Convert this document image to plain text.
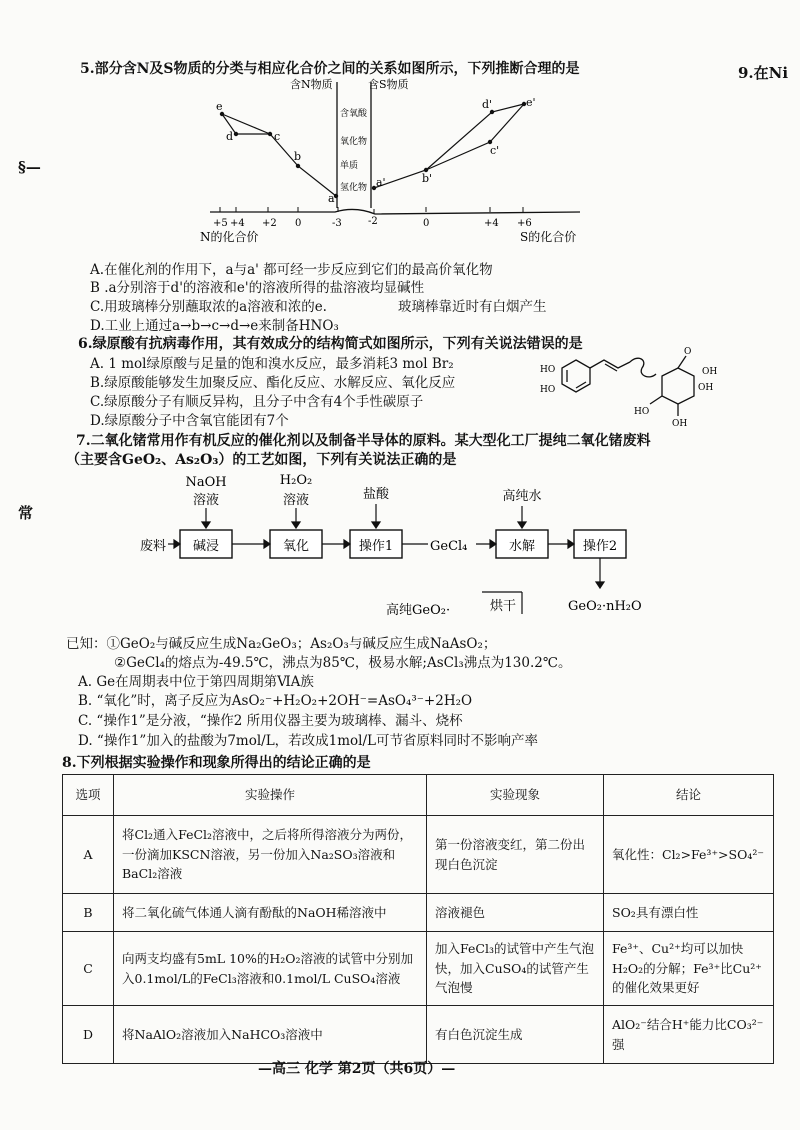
9.在Ni
§—
常
5.部分含N及S物质的分类与相应化合价之间的关系如图所示，下列推断合理的是
含N物质	含S物质
含氧酸
氧化物
单质
氢化物
+5 +4 +2 0	-3	-2	0	+4 +6
N的化合价	S的化合价
e
d	c
b
a
a'	b'
c'
d'	e'
A.在催化剂的作用下，a与a' 都可经一步反应到它们的最高价氧化物
B .a分别溶于d'的溶液和e'的溶液所得的盐溶液均显碱性
C.用玻璃棒分别蘸取浓的a溶液和浓的e.	玻璃棒靠近时有白烟产生
D.工业上通过a→b→c→d→e来制备HNO₃
6.绿原酸有抗病毒作用，其有效成分的结构简式如图所示，下列有关说法错误的是
A. 1 mol绿原酸与足量的饱和溴水反应，最多消耗3 mol Br₂
B.绿原酸能够发生加聚反应、酯化反应、水解反应、氧化反应
C.绿原酸分子有顺反异构，且分子中含有4个手性碳原子
D.绿原酸分子中含氧官能团有7个
HO
HO
O
OH
OH
OH
HO
7.二氧化锗常用作有机反应的催化剂以及制备半导体的原料。某大型化工厂提纯二氧化锗废料
（主要含GeO₂、As₂O₃）的工艺如图，下列有关说法正确的是
NaOH
溶液
H₂O₂
溶液	盐酸	高纯水
废料 碱浸	氧化	操作1	水解	操作2
GeCl₄
高纯GeO₂·	烘干	GeO₂·nH₂O
已知：①GeO₂与碱反应生成Na₂GeO₃；As₂O₃与碱反应生成NaAsO₂；
②GeCl₄的熔点为-49.5℃，沸点为85℃，极易水解;AsCl₃沸点为130.2℃。
A. Ge在周期表中位于第四周期第ⅥA族
B. “氧化”时，离子反应为AsO₂⁻+H₂O₂+2OH⁻=AsO₄³⁻+2H₂O
C. “操作1”是分液，“操作2 所用仪器主要为玻璃棒、漏斗、烧杯
D. “操作1”加入的盐酸为7mol/L，若改成1mol/L可节省原料同时不影响产率
8.下列根据实验操作和现象所得出的结论正确的是
选项	实验操作	实验现象	结论
A	将Cl₂通入FeCl₂溶液中，之后将所得溶液分为两份，一份滴加KSCN溶液，另一份加入Na₂SO₃溶液和BaCl₂溶液	第一份溶液变红，第二份出现白色沉淀	氧化性：Cl₂>Fe³⁺>SO₄²⁻
B	将二氧化硫气体通人滴有酚酞的NaOH稀溶液中	溶液褪色	SO₂具有漂白性
C	向两支均盛有5mL 10%的H₂O₂溶液的试管中分别加入0.1mol/L的FeCl₃溶液和0.1mol/L CuSO₄溶液	加入FeCl₃的试管中产生气泡快，加入CuSO₄的试管产生气泡慢	Fe³⁺、Cu²⁺均可以加快H₂O₂的分解；Fe³⁺比Cu²⁺的催化效果更好
D	将NaAlO₂溶液加入NaHCO₃溶液中	有白色沉淀生成	AlO₂⁻结合H⁺能力比CO₃²⁻强
—高三 化学 第2页（共6页）—
